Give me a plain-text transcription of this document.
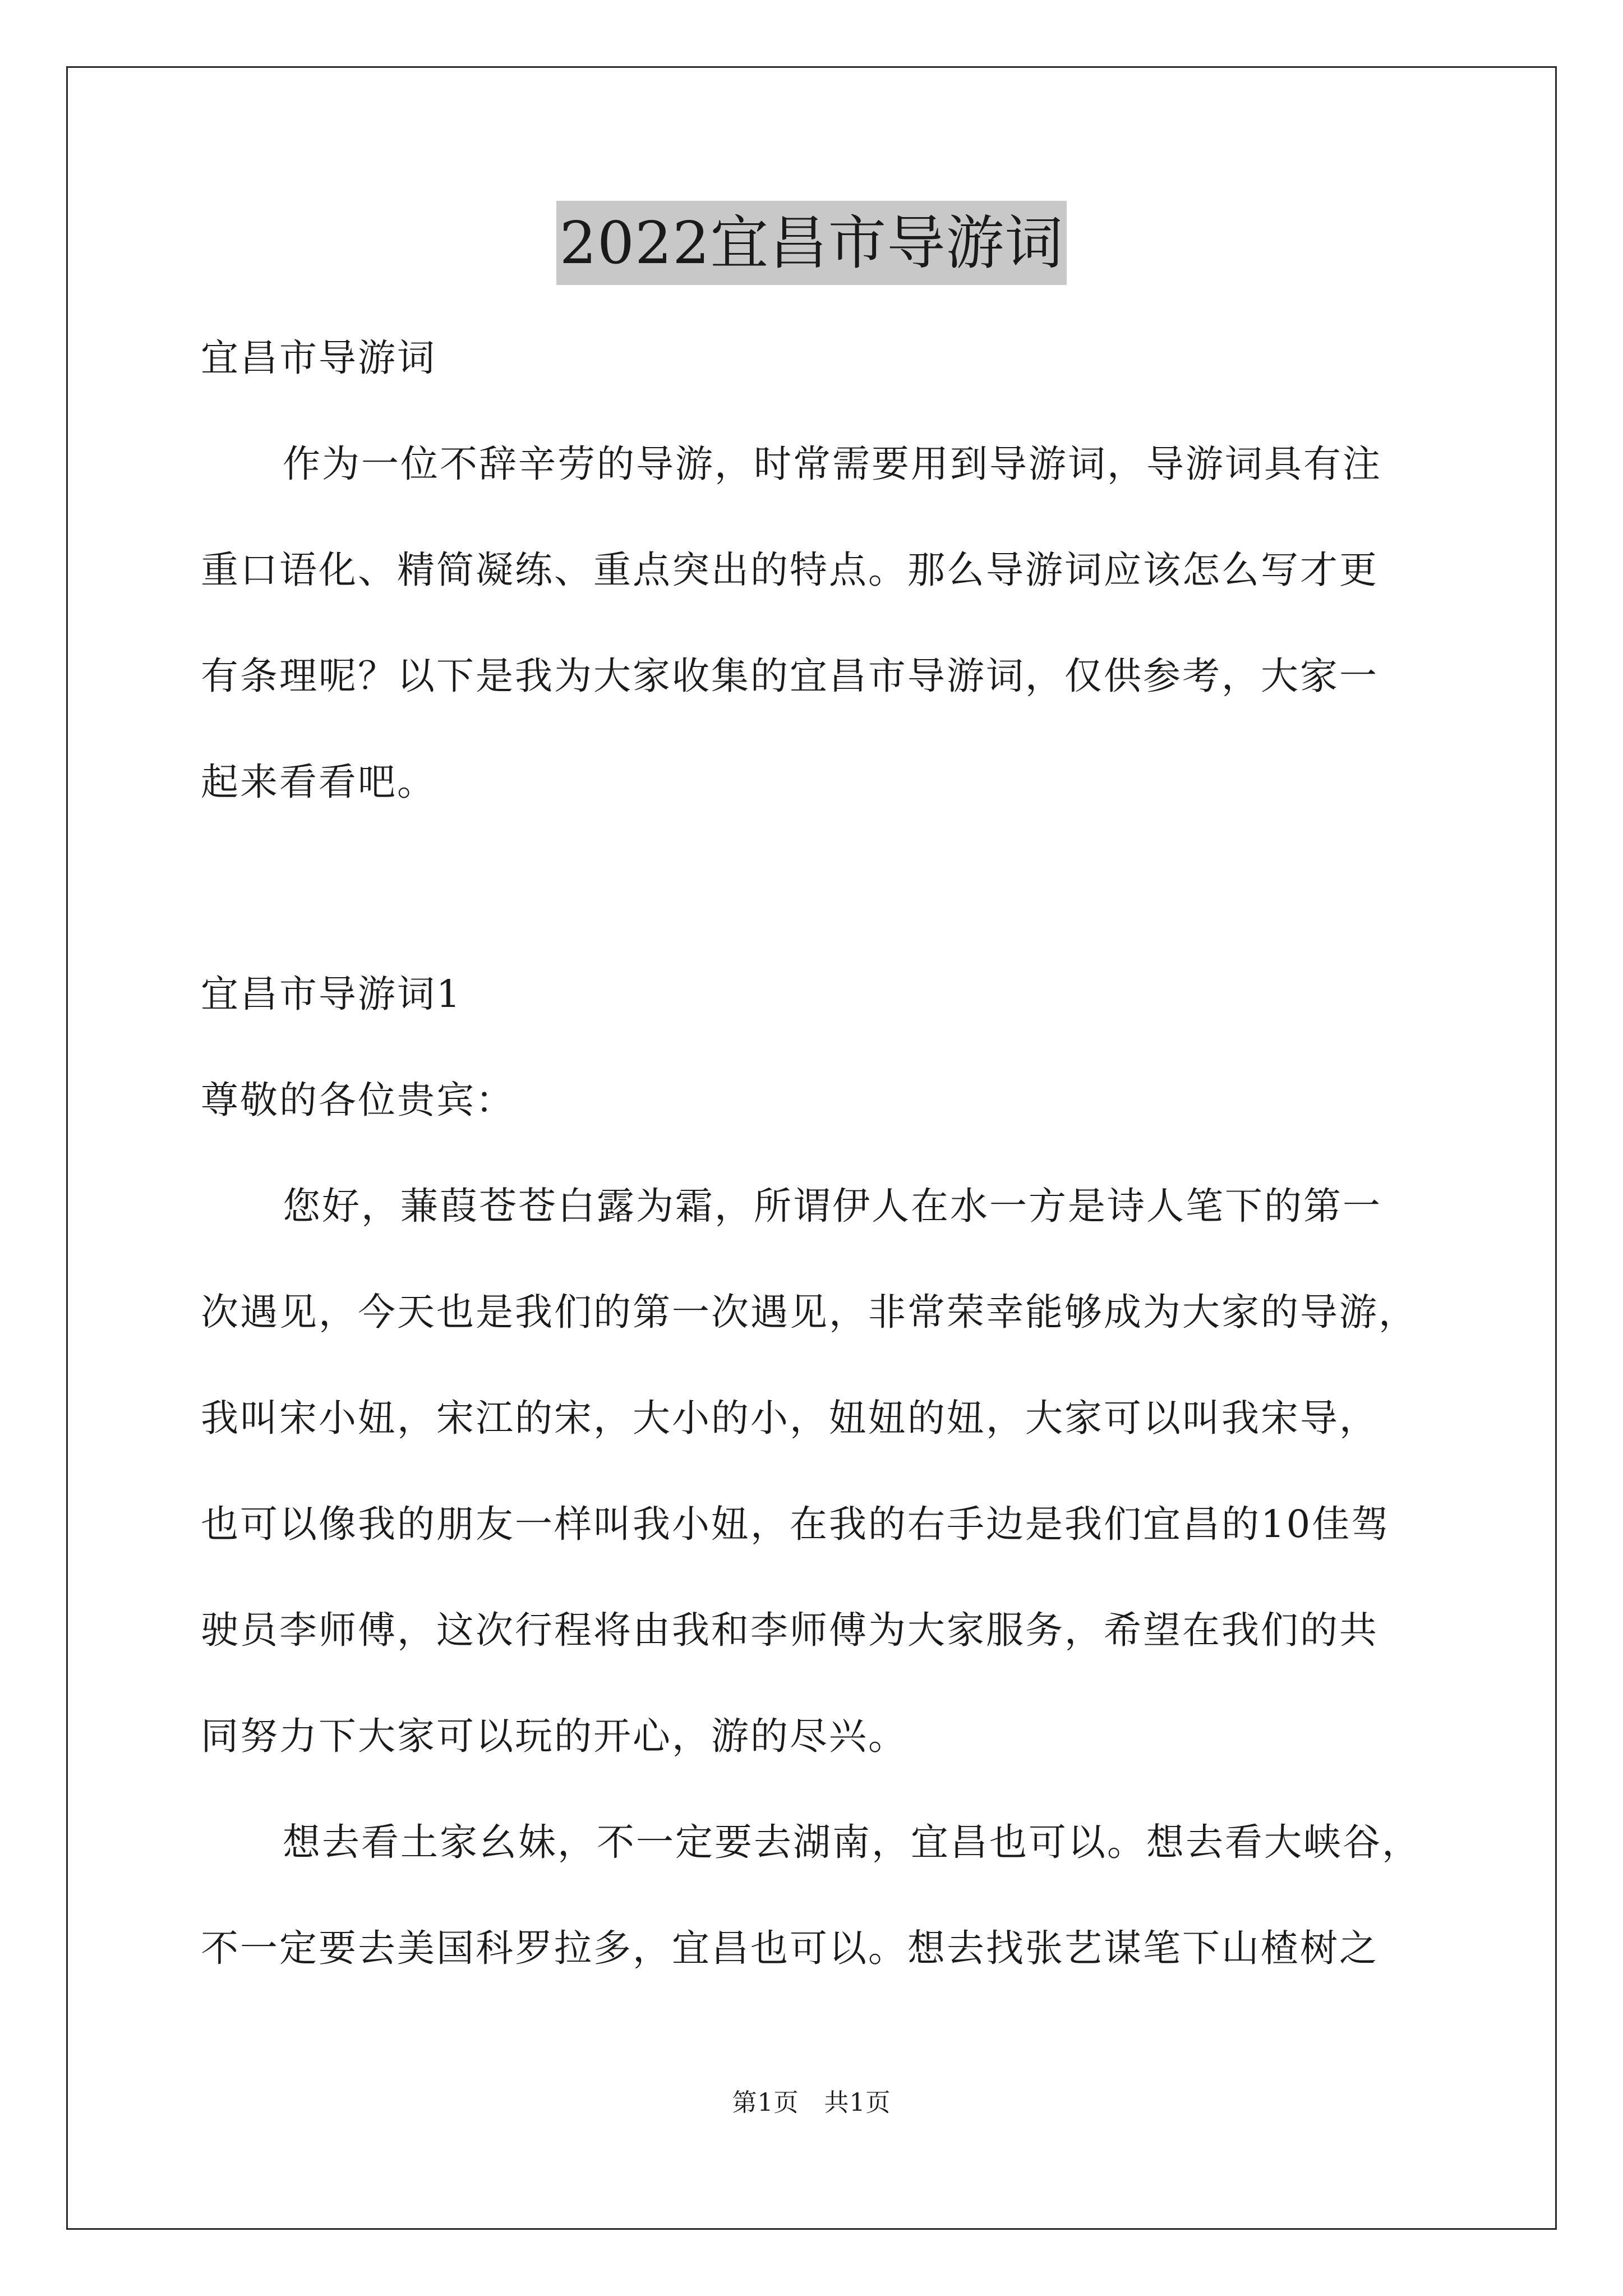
2022宜昌市导游词
宜昌市导游词
作为一位不辞辛劳的导游，时常需要用到导游词，导游词具有注
重口语化、精简凝练、重点突出的特点。那么导游词应该怎么写才更
有条理呢？以下是我为大家收集的宜昌市导游词，仅供参考，大家一
起来看看吧。
宜昌市导游词1
尊敬的各位贵宾：
您好，蒹葭苍苍白露为霜，所谓伊人在水一方是诗人笔下的第一
次遇见，今天也是我们的第一次遇见，非常荣幸能够成为大家的导游，
我叫宋小妞，宋江的宋，大小的小，妞妞的妞，大家可以叫我宋导，
也可以像我的朋友一样叫我小妞，在我的右手边是我们宜昌的10佳驾
驶员李师傅，这次行程将由我和李师傅为大家服务，希望在我们的共
同努力下大家可以玩的开心，游的尽兴。
想去看土家幺妹，不一定要去湖南，宜昌也可以。想去看大峡谷，
不一定要去美国科罗拉多，宜昌也可以。想去找张艺谋笔下山楂树之
第1页　共1页
